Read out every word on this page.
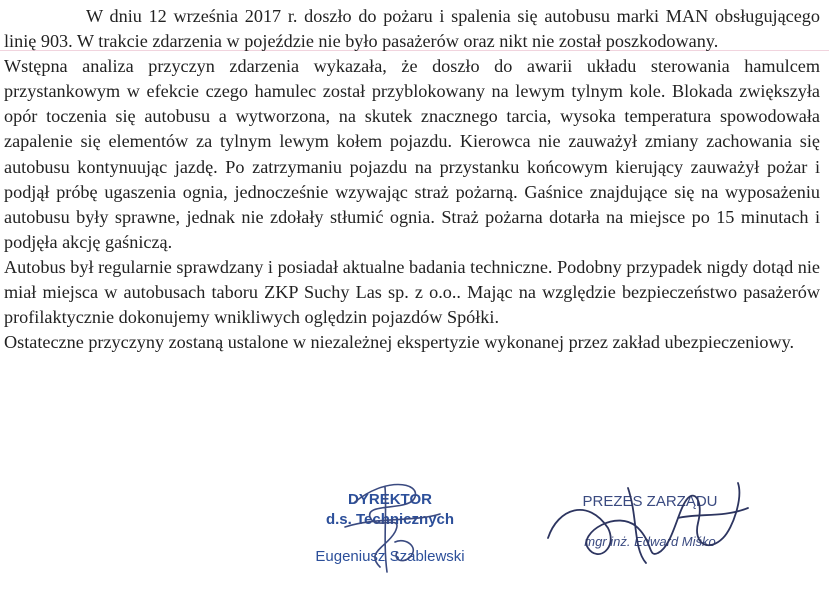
W dniu 12 września 2017 r. doszło do pożaru i spalenia się autobusu marki MAN obsługującego linię 903. W trakcie zdarzenia w pojeździe nie było pasażerów oraz nikt nie został poszkodowany.

Wstępna analiza przyczyn zdarzenia wykazała, że doszło do awarii układu sterowania hamulcem przystankowym w efekcie czego hamulec został przyblokowany na lewym tylnym kole. Blokada zwiększyła opór toczenia się autobusu a wytworzona, na skutek znacznego tarcia, wysoka temperatura spowodowała zapalenie się elementów za tylnym lewym kołem pojazdu. Kierowca nie zauważył zmiany zachowania się autobusu kontynuując jazdę. Po zatrzymaniu pojazdu na przystanku końcowym kierujący zauważył pożar i podjął próbę ugaszenia ognia, jednocześnie wzywając straż pożarną. Gaśnice znajdujące się na wyposażeniu autobusu były sprawne, jednak nie zdołały stłumić ognia. Straż pożarna dotarła na miejsce po 15 minutach i podjęła akcję gaśniczą.

Autobus był regularnie sprawdzany i posiadał aktualne badania techniczne. Podobny przypadek nigdy dotąd nie miał miejsca w autobusach taboru ZKP Suchy Las sp. z o.o.. Mając na względzie bezpieczeństwo pasażerów profilaktycznie dokonujemy wnikliwych oględzin pojazdów Spółki.

Ostateczne przyczyny zostaną ustalone w niezależnej ekspertyzie wykonanej przez zakład ubezpieczeniowy.

DYREKTOR
d.s. Technicznych
Eugeniusz Szablewski
PREZES ZARZĄDU
mgr inż. Edward Miśko
